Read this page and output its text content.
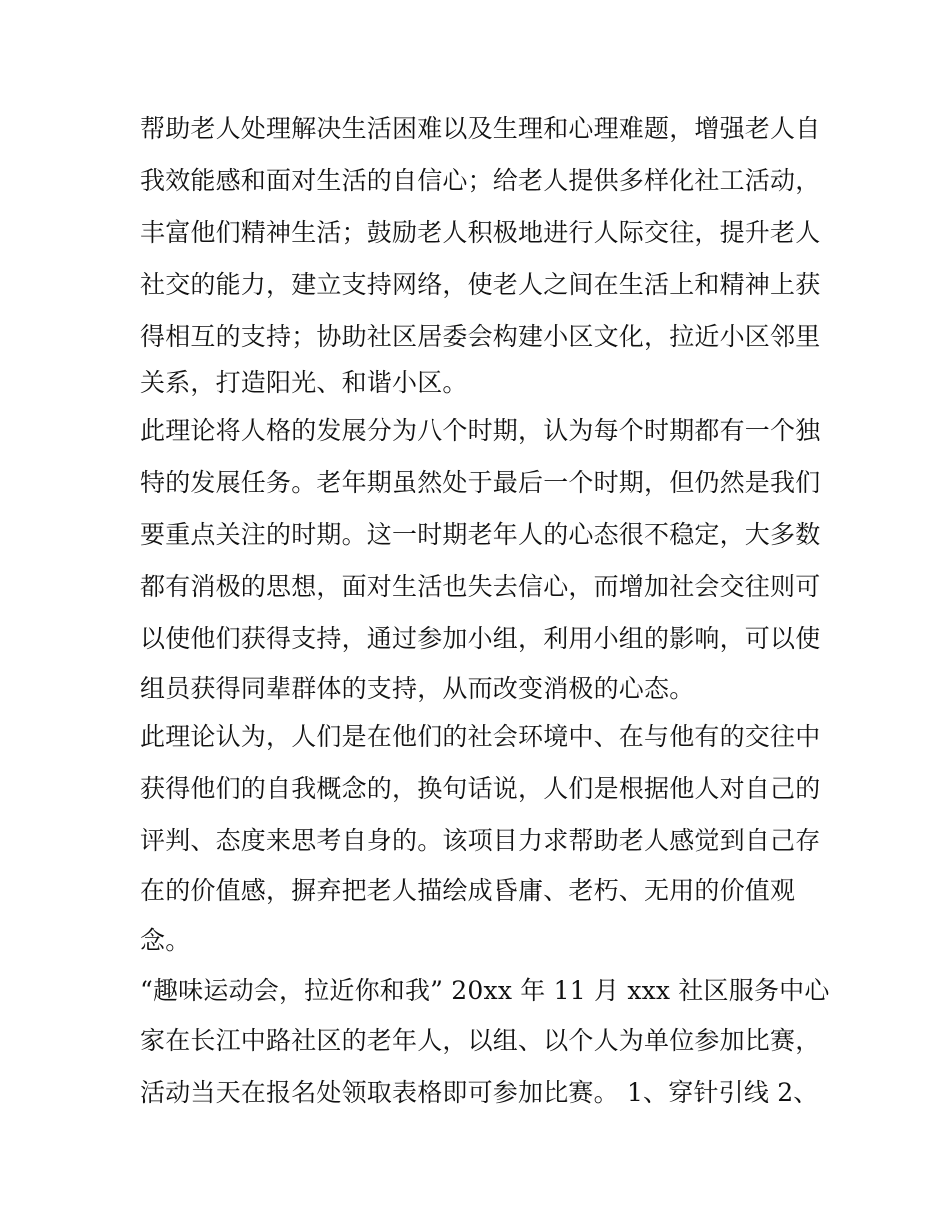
帮助老人处理解决生活困难以及生理和心理难题，增强老人自
我效能感和面对生活的自信心；给老人提供多样化社工活动，
丰富他们精神生活；鼓励老人积极地进行人际交往，提升老人
社交的能力，建立支持网络，使老人之间在生活上和精神上获
得相互的支持；协助社区居委会构建小区文化，拉近小区邻里
关系，打造阳光、和谐小区。
此理论将人格的发展分为八个时期，认为每个时期都有一个独
特的发展任务。老年期虽然处于最后一个时期，但仍然是我们
要重点关注的时期。这一时期老年人的心态很不稳定，大多数
都有消极的思想，面对生活也失去信心，而增加社会交往则可
以使他们获得支持，通过参加小组，利用小组的影响，可以使
组员获得同辈群体的支持，从而改变消极的心态。
此理论认为，人们是在他们的社会环境中、在与他有的交往中
获得他们的自我概念的，换句话说，人们是根据他人对自己的
评判、态度来思考自身的。该项目力求帮助老人感觉到自己存
在的价值感，摒弃把老人描绘成昏庸、老朽、无用的价值观
念。
“趣味运动会，拉近你和我” 20xx 年 11 月 xxx 社区服务中心
家在长江中路社区的老年人，以组、以个人为单位参加比赛，
活动当天在报名处领取表格即可参加比赛。 1、穿针引线 2、
